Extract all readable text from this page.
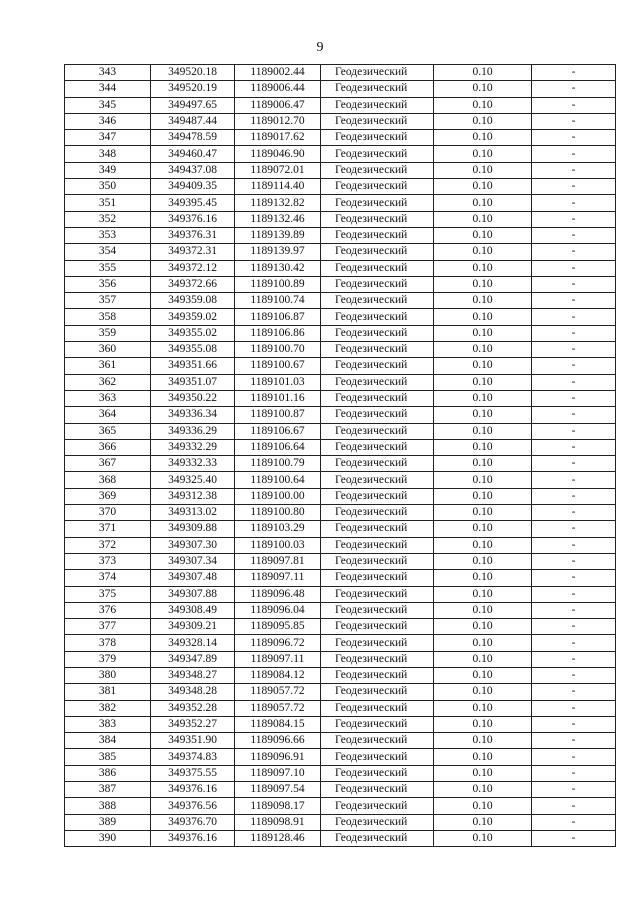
9
343	349520.18	1189002.44	Геодезический	0.10	-
344	349520.19	1189006.44	Геодезический	0.10	-
345	349497.65	1189006.47	Геодезический	0.10	-
346	349487.44	1189012.70	Геодезический	0.10	-
347	349478.59	1189017.62	Геодезический	0.10	-
348	349460.47	1189046.90	Геодезический	0.10	-
349	349437.08	1189072.01	Геодезический	0.10	-
350	349409.35	1189114.40	Геодезический	0.10	-
351	349395.45	1189132.82	Геодезический	0.10	-
352	349376.16	1189132.46	Геодезический	0.10	-
353	349376.31	1189139.89	Геодезический	0.10	-
354	349372.31	1189139.97	Геодезический	0.10	-
355	349372.12	1189130.42	Геодезический	0.10	-
356	349372.66	1189100.89	Геодезический	0.10	-
357	349359.08	1189100.74	Геодезический	0.10	-
358	349359.02	1189106.87	Геодезический	0.10	-
359	349355.02	1189106.86	Геодезический	0.10	-
360	349355.08	1189100.70	Геодезический	0.10	-
361	349351.66	1189100.67	Геодезический	0.10	-
362	349351.07	1189101.03	Геодезический	0.10	-
363	349350.22	1189101.16	Геодезический	0.10	-
364	349336.34	1189100.87	Геодезический	0.10	-
365	349336.29	1189106.67	Геодезический	0.10	-
366	349332.29	1189106.64	Геодезический	0.10	-
367	349332.33	1189100.79	Геодезический	0.10	-
368	349325.40	1189100.64	Геодезический	0.10	-
369	349312.38	1189100.00	Геодезический	0.10	-
370	349313.02	1189100.80	Геодезический	0.10	-
371	349309.88	1189103.29	Геодезический	0.10	-
372	349307.30	1189100.03	Геодезический	0.10	-
373	349307.34	1189097.81	Геодезический	0.10	-
374	349307.48	1189097.11	Геодезический	0.10	-
375	349307.88	1189096.48	Геодезический	0.10	-
376	349308.49	1189096.04	Геодезический	0.10	-
377	349309.21	1189095.85	Геодезический	0.10	-
378	349328.14	1189096.72	Геодезический	0.10	-
379	349347.89	1189097.11	Геодезический	0.10	-
380	349348.27	1189084.12	Геодезический	0.10	-
381	349348.28	1189057.72	Геодезический	0.10	-
382	349352.28	1189057.72	Геодезический	0.10	-
383	349352.27	1189084.15	Геодезический	0.10	-
384	349351.90	1189096.66	Геодезический	0.10	-
385	349374.83	1189096.91	Геодезический	0.10	-
386	349375.55	1189097.10	Геодезический	0.10	-
387	349376.16	1189097.54	Геодезический	0.10	-
388	349376.56	1189098.17	Геодезический	0.10	-
389	349376.70	1189098.91	Геодезический	0.10	-
390	349376.16	1189128.46	Геодезический	0.10	-
